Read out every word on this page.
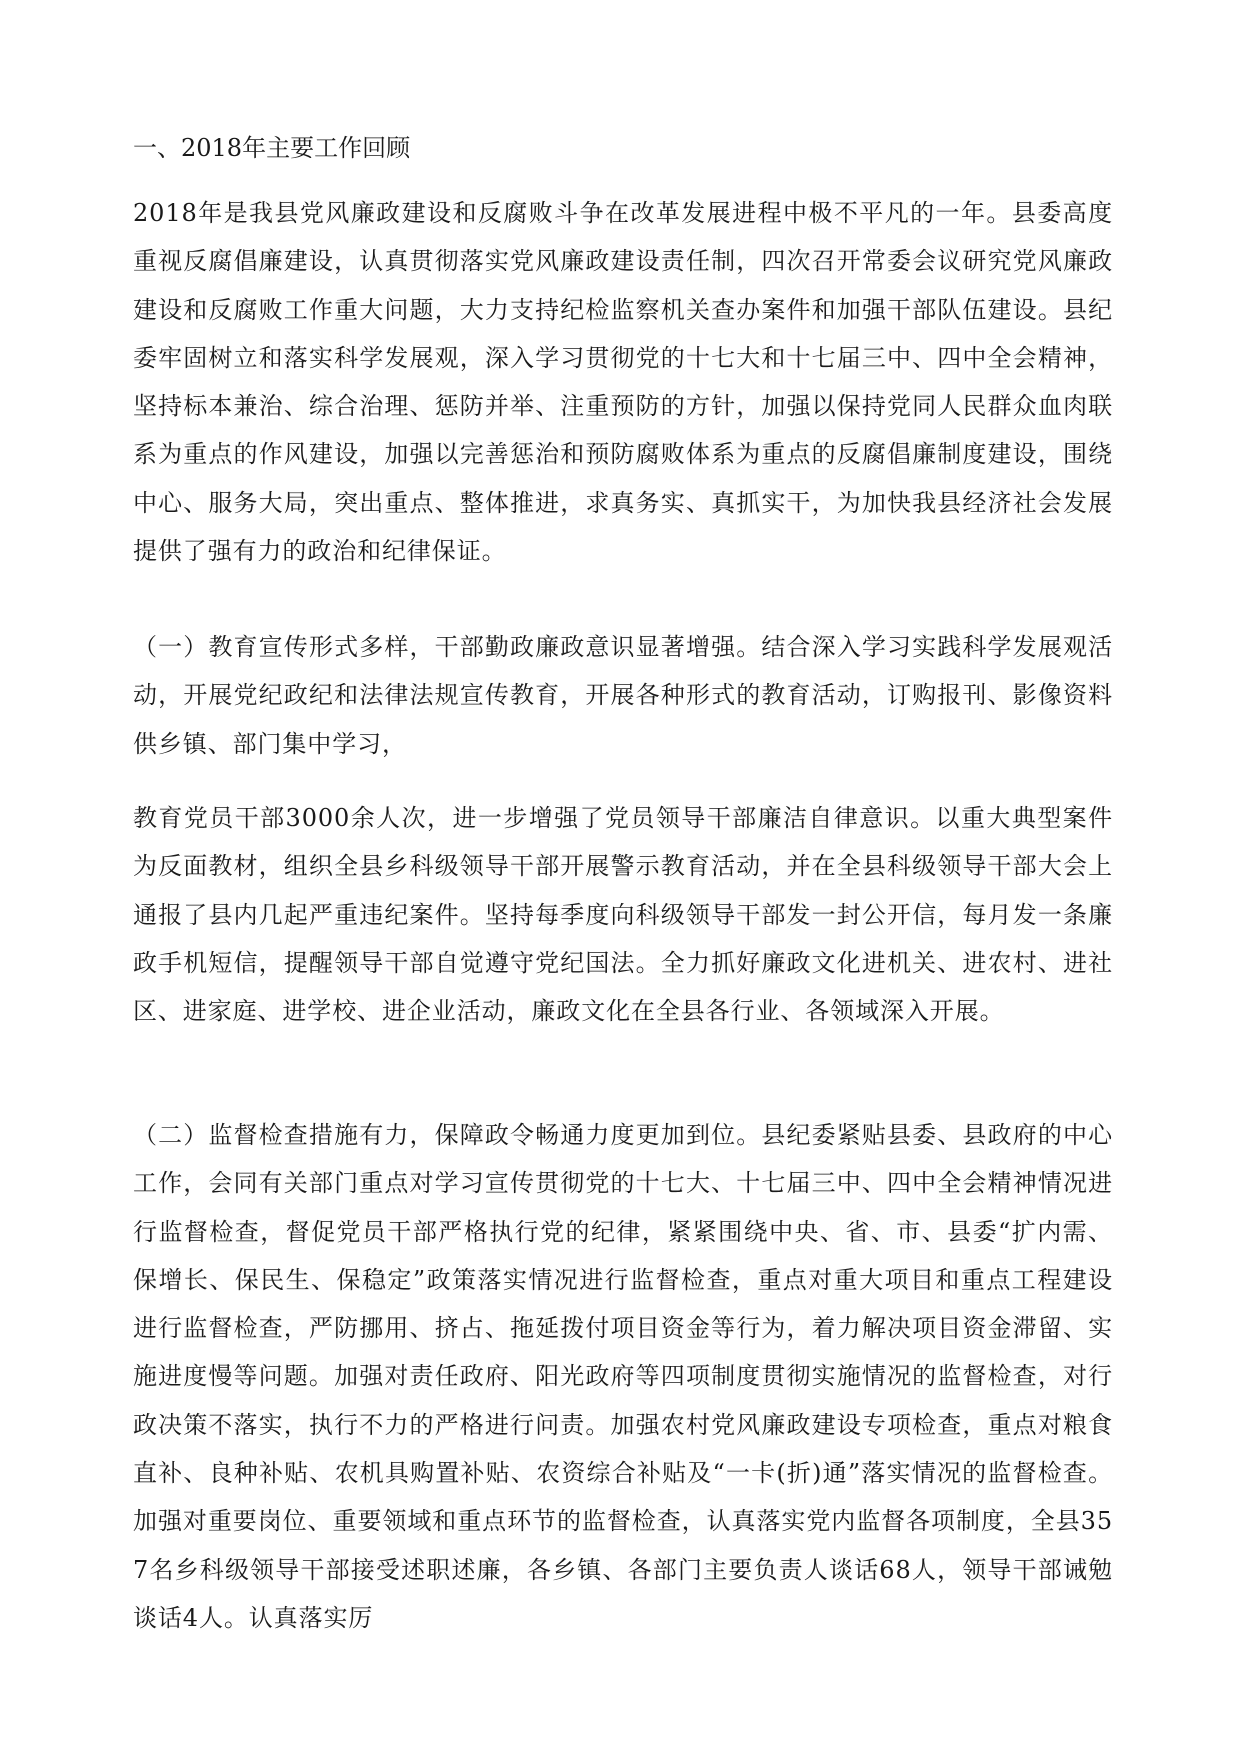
一、2018年主要工作回顾

2018年是我县党风廉政建设和反腐败斗争在改革发展进程中极不平凡的一年。县委高度重视反腐倡廉建设，认真贯彻落实党风廉政建设责任制，四次召开常委会议研究党风廉政建设和反腐败工作重大问题，大力支持纪检监察机关查办案件和加强干部队伍建设。县纪委牢固树立和落实科学发展观，深入学习贯彻党的十七大和十七届三中、四中全会精神，坚持标本兼治、综合治理、惩防并举、注重预防的方针，加强以保持党同人民群众血肉联系为重点的作风建设，加强以完善惩治和预防腐败体系为重点的反腐倡廉制度建设，围绕中心、服务大局，突出重点、整体推进，求真务实、真抓实干，为加快我县经济社会发展提供了强有力的政治和纪律保证。

（一）教育宣传形式多样，干部勤政廉政意识显著增强。结合深入学习实践科学发展观活动，开展党纪政纪和法律法规宣传教育，开展各种形式的教育活动，订购报刊、影像资料供乡镇、部门集中学习，

教育党员干部3000余人次，进一步增强了党员领导干部廉洁自律意识。以重大典型案件为反面教材，组织全县乡科级领导干部开展警示教育活动，并在全县科级领导干部大会上通报了县内几起严重违纪案件。坚持每季度向科级领导干部发一封公开信，每月发一条廉政手机短信，提醒领导干部自觉遵守党纪国法。全力抓好廉政文化进机关、进农村、进社区、进家庭、进学校、进企业活动，廉政文化在全县各行业、各领域深入开展。

（二）监督检查措施有力，保障政令畅通力度更加到位。县纪委紧贴县委、县政府的中心工作，会同有关部门重点对学习宣传贯彻党的十七大、十七届三中、四中全会精神情况进行监督检查，督促党员干部严格执行党的纪律，紧紧围绕中央、省、市、县委“扩内需、保增长、保民生、保稳定”政策落实情况进行监督检查，重点对重大项目和重点工程建设进行监督检查，严防挪用、挤占、拖延拨付项目资金等行为，着力解决项目资金滞留、实施进度慢等问题。加强对责任政府、阳光政府等四项制度贯彻实施情况的监督检查，对行政决策不落实，执行不力的严格进行问责。加强农村党风廉政建设专项检查，重点对粮食直补、良种补贴、农机具购置补贴、农资综合补贴及“一卡(折)通”落实情况的监督检查。加强对重要岗位、重要领域和重点环节的监督检查，认真落实党内监督各项制度，全县357名乡科级领导干部接受述职述廉，各乡镇、各部门主要负责人谈话68人，领导干部诫勉谈话4人。认真落实厉
